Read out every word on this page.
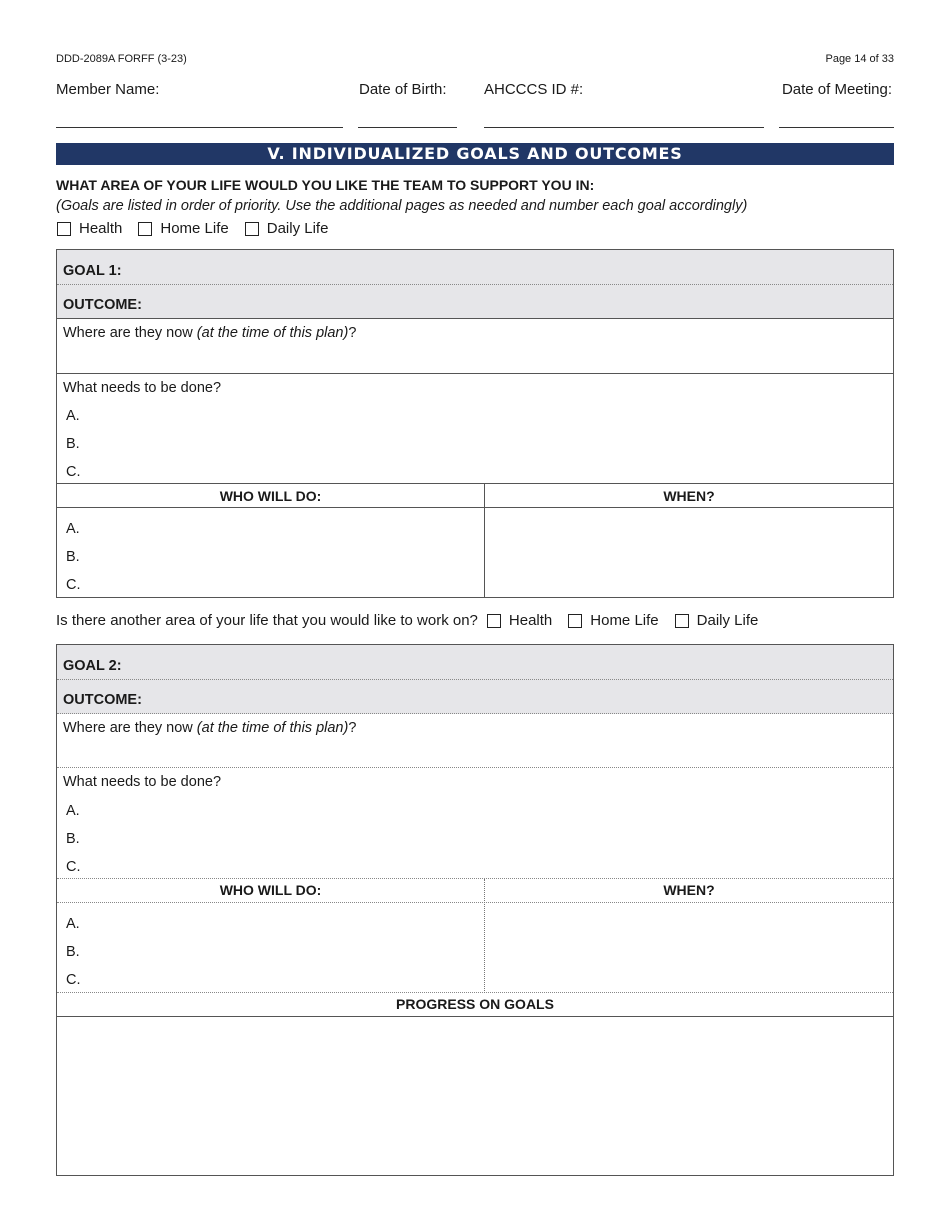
DDD-2089A FORFF (3-23)	Page 14 of 33
Member Name:	Date of Birth: AHCCCS ID #:	Date of Meeting:
V. INDIVIDUALIZED GOALS AND OUTCOMES
WHAT AREA OF YOUR LIFE WOULD YOU LIKE THE TEAM TO SUPPORT YOU IN:
(Goals are listed in order of priority. Use the additional pages as needed and number each goal accordingly)
Health	Home Life	Daily Life
GOAL 1:
OUTCOME:
Where are they now (at the time of this plan)?
What needs to be done?
A.
B.
C.
WHO WILL DO:	WHEN?
A.
B.
C.
Is there another area of your life that you would like to work on? Health	Home Life	Daily Life
GOAL 2:
OUTCOME:
Where are they now (at the time of this plan)?
What needs to be done?
A.
B.
C.
WHO WILL DO:	WHEN?
A.
B.
C.
PROGRESS ON GOALS
